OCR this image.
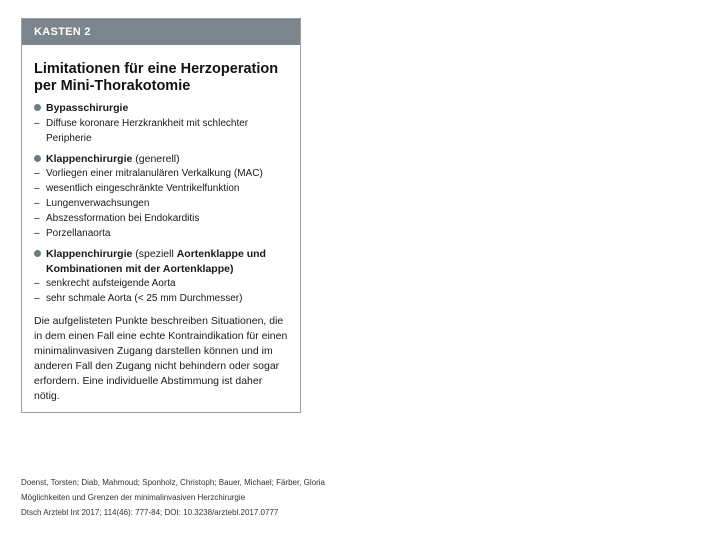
KASTEN 2
Limitationen für eine Herzoperation
per Mini-Thorakotomie
Bypasschirurgie
– Diffuse koronare Herzkrankheit mit schlechter Peripherie
Klappenchirurgie (generell)
– Vorliegen einer mitralanulären Verkalkung (MAC)
– wesentlich eingeschränkte Ventrikelfunktion
– Lungenverwachsungen
– Abszessformation bei Endokarditis
– Porzellanaorta
Klappenchirurgie (speziell Aortenklappe und Kombinationen mit der Aortenklappe)
– senkrecht aufsteigende Aorta
– sehr schmale Aorta (< 25 mm Durchmesser)
Die aufgelisteten Punkte beschreiben Situationen, die in dem einen Fall eine echte Kontraindikation für einen minimalinvasiven Zugang darstellen können und im anderen Fall den Zugang nicht behindern oder sogar erfordern. Eine individuelle Abstimmung ist daher nötig.
Doenst, Torsten; Diab, Mahmoud; Sponholz, Christoph; Bauer, Michael; Färber, Gloria
Möglichkeiten und Grenzen der minimalinvasiven Herzchirurgie
Dtsch Arztebl Int 2017; 114(46): 777-84; DOI: 10.3238/arztebl.2017.0777
